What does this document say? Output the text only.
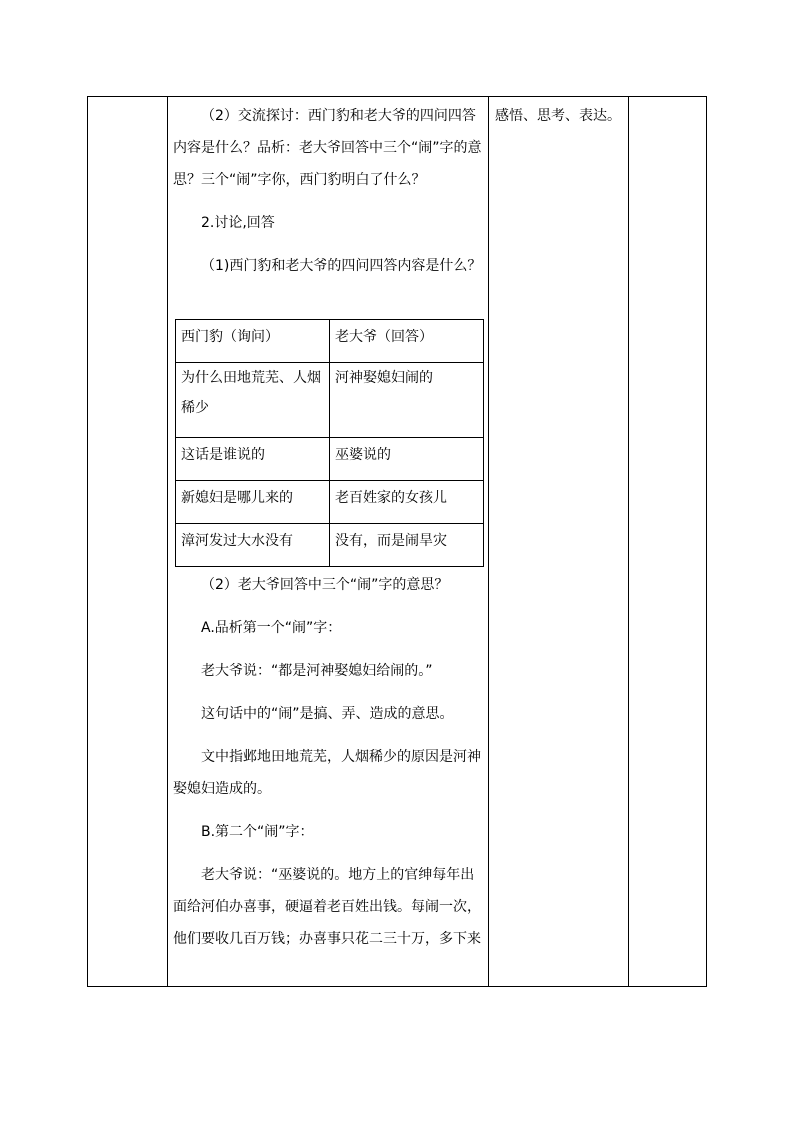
（2）交流探讨：西门豹和老大爷的四问四答内容是什么？品析：老大爷回答中三个“闹”字的意思？三个“闹”字你，西门豹明白了什么？

2.讨论,回答

（1)西门豹和老大爷的四问四答内容是什么？

西门豹（询问）	老大爷（回答）
为什么田地荒芜、人烟稀少	河神娶媳妇闹的
这话是谁说的	巫婆说的
新媳妇是哪儿来的	老百姓家的女孩儿
漳河发过大水没有	没有，而是闹旱灾

（2）老大爷回答中三个“闹”字的意思？

A.品析第一个“闹”字：

老大爷说：“都是河神娶媳妇给闹的。”

这句话中的“闹”是搞、弄、造成的意思。

文中指邺地田地荒芜，人烟稀少的原因是河神娶媳妇造成的。

B.第二个“闹”字：

老大爷说：“巫婆说的。地方上的官绅每年出面给河伯办喜事，硬逼着老百姓出钱。每闹一次，他们要收几百万钱；办喜事只花二三十万，多下来

感悟、思考、表达。
